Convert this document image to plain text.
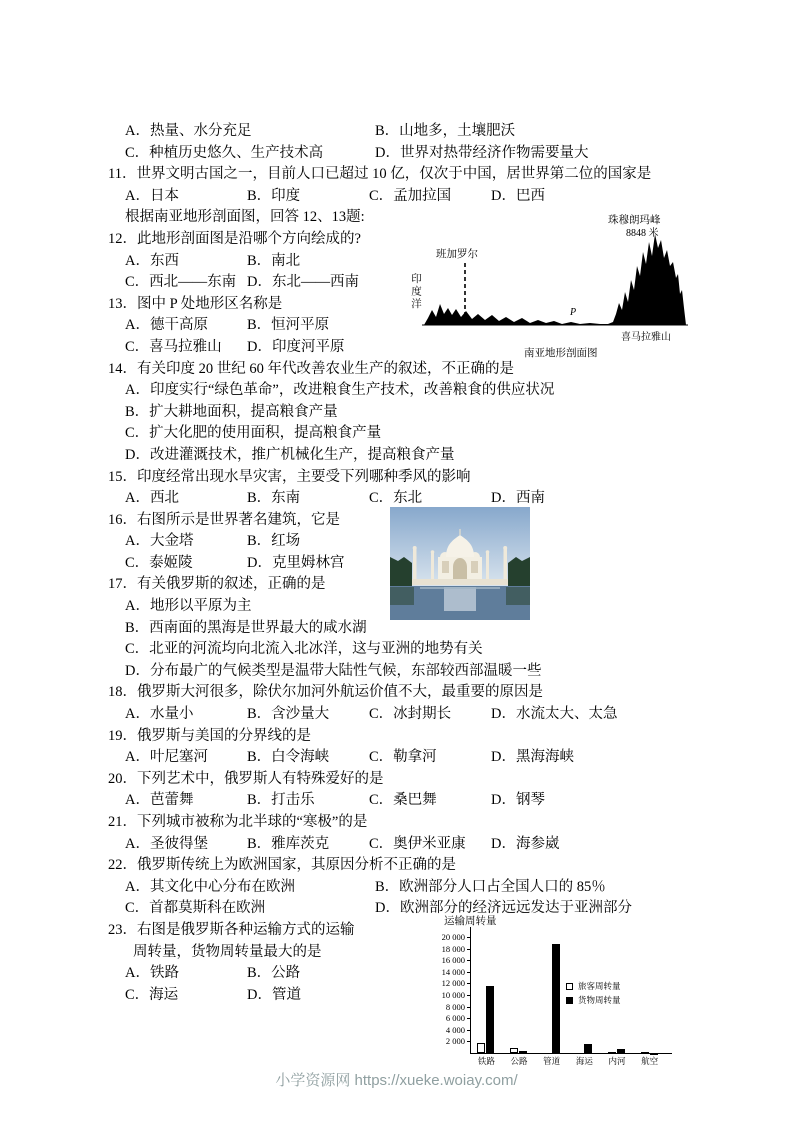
A．热量、水分充足	B．山地多，土壤肥沃
C．种植历史悠久、生产技术高	D．世界对热带经济作物需要量大
11．世界文明古国之一，目前人口已超过 10 亿，仅次于中国，居世界第二位的国家是
A．日本	B．印度	C．孟加拉国	D．巴西
根据南亚地形剖面图，回答 12、13题:
12．此地形剖面图是沿哪个方向绘成的?
A．东西	B．南北
C．西北——东南 D．东北——西南
13．图中 P 处地形区名称是
A．德干高原	B．恒河平原
C．喜马拉雅山	D．印度河平原
14．有关印度 20 世纪 60 年代改善农业生产的叙述，不正确的是
A．印度实行“绿色革命”，改进粮食生产技术，改善粮食的供应状况
B．扩大耕地面积，提高粮食产量
C．扩大化肥的使用面积，提高粮食产量
D．改进灌溉技术，推广机械化生产，提高粮食产量
15．印度经常出现水旱灾害，主要受下列哪种季风的影响
A．西北	B．东南	C．东北	D．西南
16．右图所示是世界著名建筑，它是
A．大金塔	B．红场
C．泰姬陵	D．克里姆林宫
17．有关俄罗斯的叙述，正确的是
A．地形以平原为主
B．西南面的黑海是世界最大的咸水湖
C．北亚的河流均向北流入北冰洋，这与亚洲的地势有关
D．分布最广的气候类型是温带大陆性气候，东部较西部温暖一些
18．俄罗斯大河很多，除伏尔加河外航运价值不大，最重要的原因是
A．水量小	B．含沙量大	C．冰封期长	D．水流太大、太急
19．俄罗斯与美国的分界线的是
A．叶尼塞河	B．白令海峡	C．勒拿河	D．黑海海峡
20．下列艺术中，俄罗斯人有特殊爱好的是
A．芭蕾舞	B．打击乐	C．桑巴舞	D．钢琴
21．下列城市被称为北半球的“寒极”的是
A．圣彼得堡	B．雅库茨克	C．奥伊米亚康	D．海参崴
22．俄罗斯传统上为欧洲国家，其原因分析不正确的是
A．其文化中心分布在欧洲	B．欧洲部分人口占全国人口的 85％
C．首都莫斯科在欧洲	D．欧洲部分的经济远远发达于亚洲部分
23．右图是俄罗斯各种运输方式的运输
周转量，货物周转量最大的是
A．铁路	B．公路
C．海运	D．管道
珠穆朗玛峰
8848 米
班加罗尔
印度洋
P
喜马拉雅山
南亚地形剖面图
运输周转量
2 000
4 000
6 000
8 000
10 000
12 000
14 000
16 000
18 000
20 000
铁路	公路	管道	海运	内河	航空
旅客周转量
货物周转量
小学资源网 https://xueke.woiay.com/
